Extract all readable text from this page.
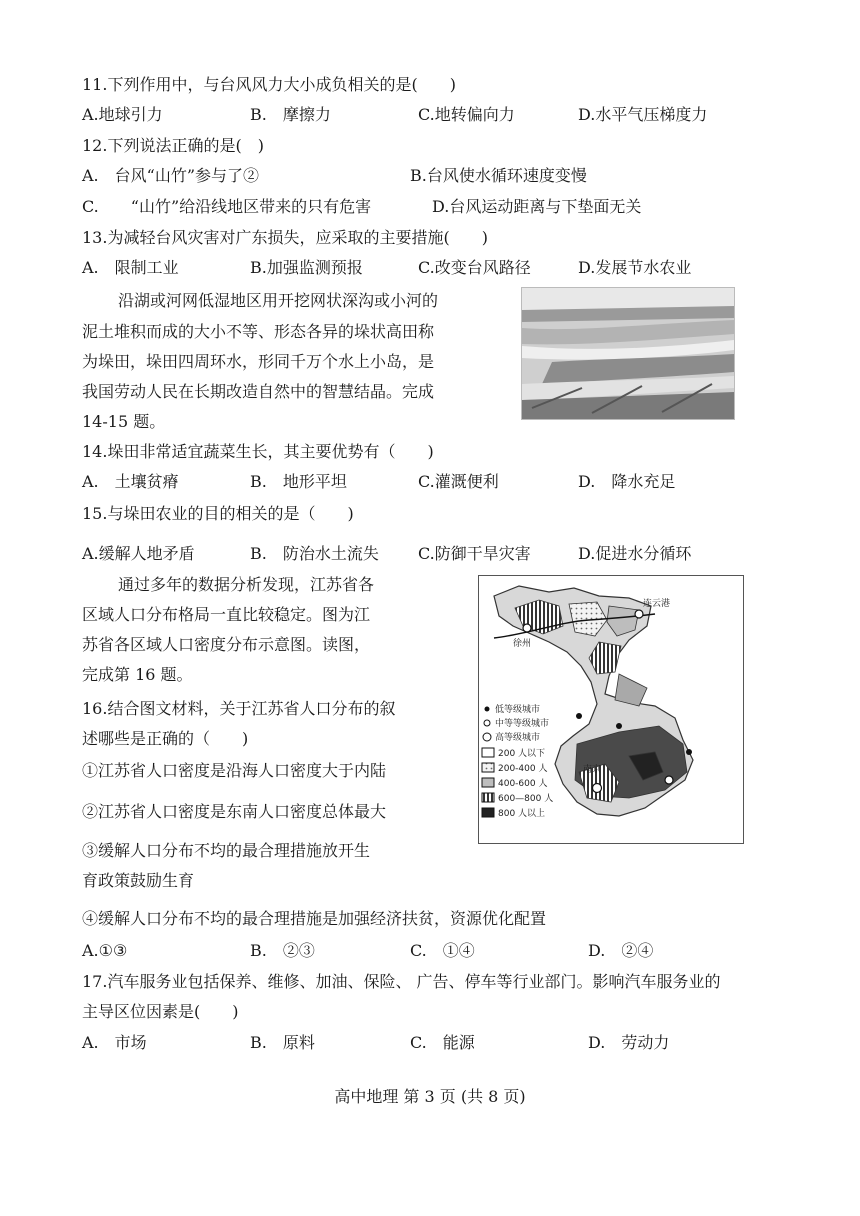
11.下列作用中，与台风风力大小成负相关的是(　　)
A.地球引力	B.　摩擦力	C.地转偏向力	D.水平气压梯度力
12.下列说法正确的是(　)
A.　台风“山竹”参与了②	B.台风使水循环速度变慢
C.　　“山竹”给沿线地区带来的只有危害	D.台风运动距离与下垫面无关
13.为减轻台风灾害对广东损失，应采取的主要措施(　　)
A.　限制工业	B.加强监测预报	C.改变台风路径	D.发展节水农业
沿湖或河网低湿地区用开挖网状深沟或小河的
泥土堆积而成的大小不等、形态各异的垛状高田称
为垛田，垛田四周环水，形同千万个水上小岛，是
我国劳动人民在长期改造自然中的智慧结晶。完成
14-15 题。
14.垛田非常适宜蔬菜生长，其主要优势有（　　)
A.　土壤贫瘠	B.　地形平坦	C.灌溉便利	D.　降水充足
15.与垛田农业的目的相关的是（　　)
A.缓解人地矛盾	B.　防治水土流失 C.防御干旱灾害	D.促进水分循环
通过多年的数据分析发现，江苏省各
区域人口分布格局一直比较稳定。图为江
苏省各区域人口密度分布示意图。读图，
完成第 16 题。
16.结合图文材料，关于江苏省人口分布的叙
述哪些是正确的（　　)
①江苏省人口密度是沿海人口密度大于内陆
②江苏省人口密度是东南人口密度总体最大
③缓解人口分布不均的最合理措施放开生
育政策鼓励生育
④缓解人口分布不均的最合理措施是加强经济扶贫，资源优化配置
A.①③	B.　②③	C.　①④	D.　②④
连云港
徐州
南京
低等级城市
中等等级城市
高等级城市
200 人以下
200-400 人
400-600 人
600—800 人
800 人以上
17.汽车服务业包括保养、维修、加油、保险、 广告、停车等行业部门。影响汽车服务业的
主导区位因素是(　　)
A.　市场	B.　原料	C.　能源	D.　劳动力
高中地理 第 3 页 (共 8 页)
